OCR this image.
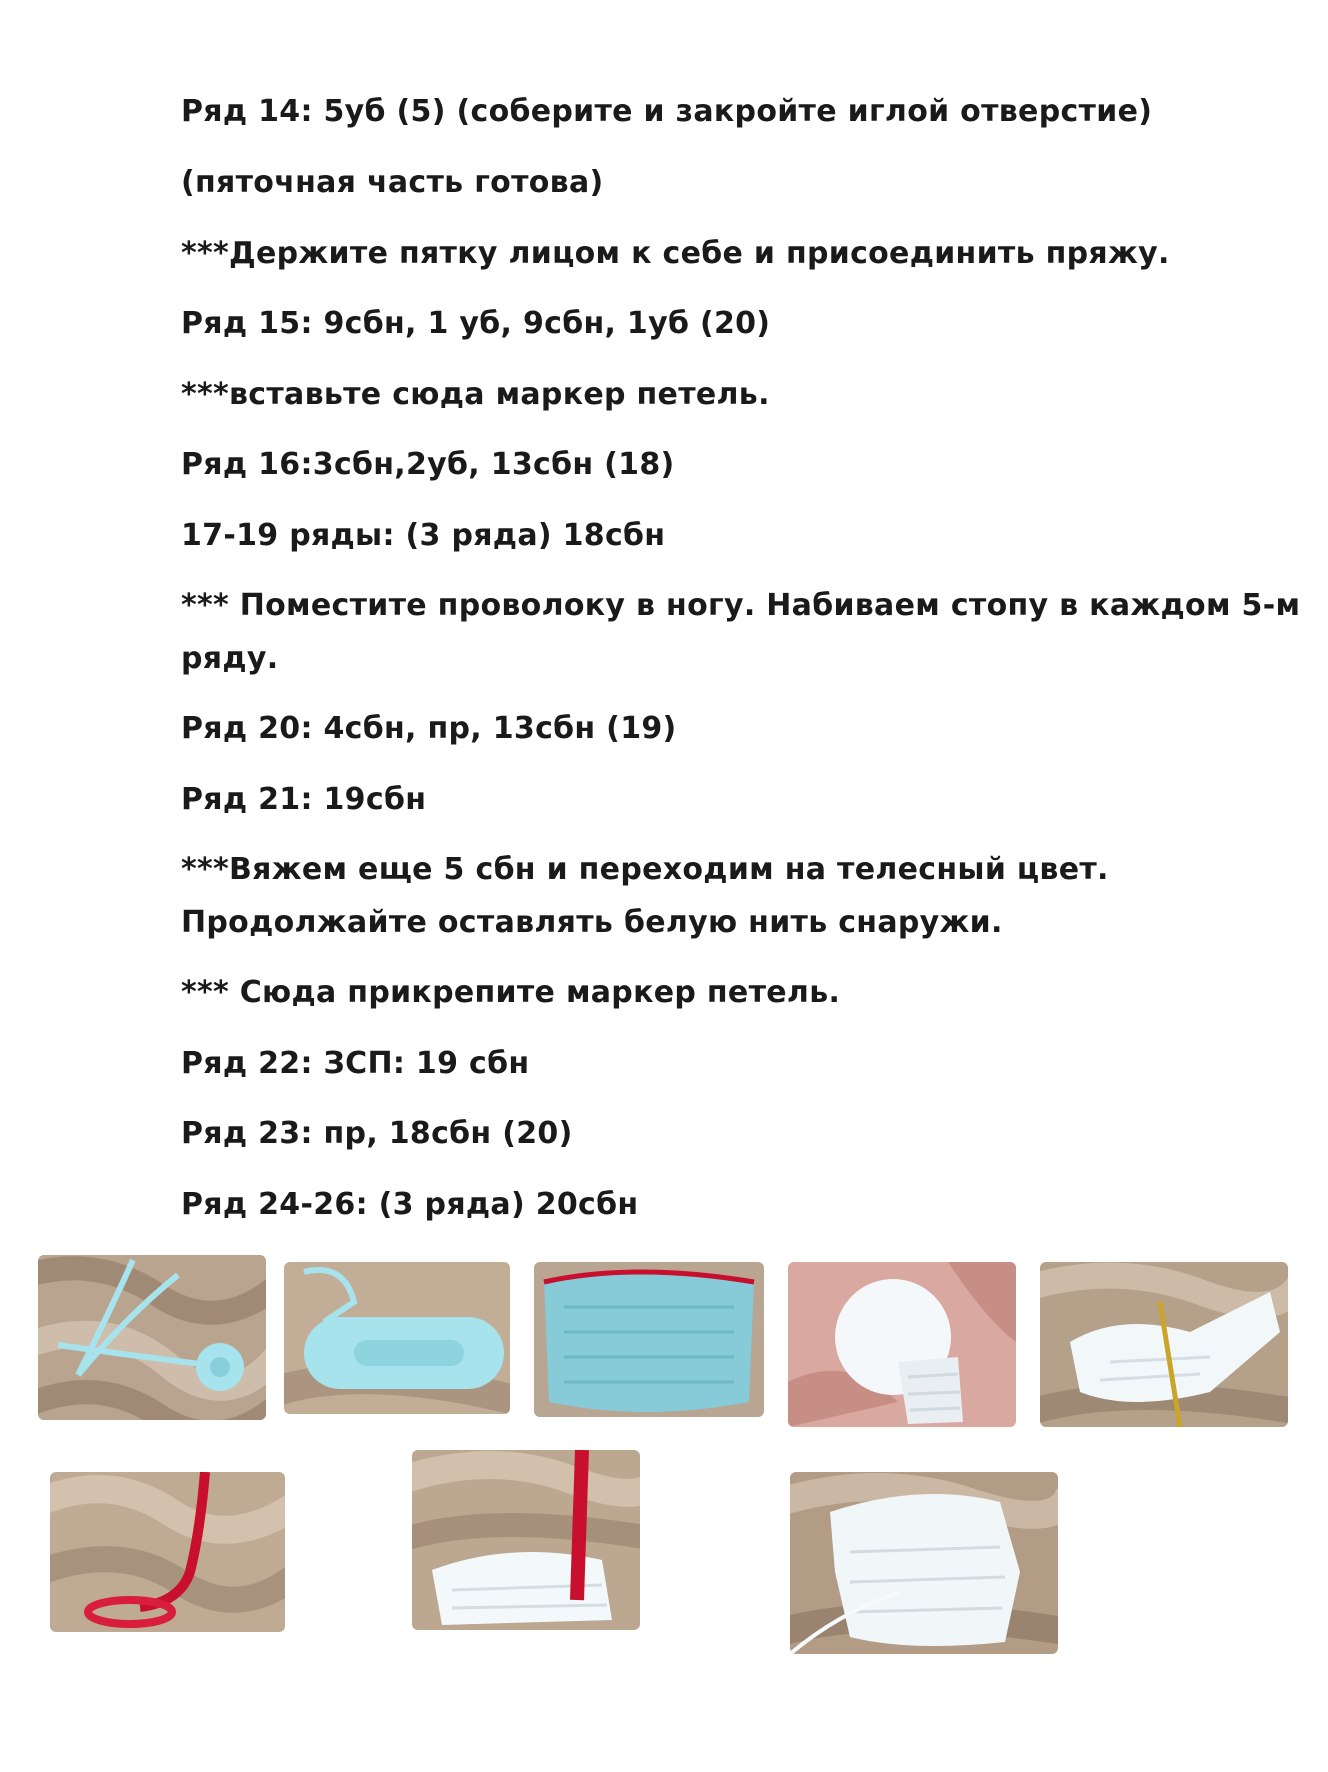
Ряд 14: 5уб (5) (соберите и закройте иглой отверстие)

(пяточная часть готова)

***Держите пятку лицом к себе и присоединить пряжу.

Ряд 15: 9сбн, 1 уб, 9сбн, 1уб (20)

***вставьте сюда маркер петель.

Ряд 16:3сбн,2уб, 13сбн (18)

17-19 ряды: (3 ряда) 18сбн

*** Поместите проволоку в ногу. Набиваем стопу в каждом 5-м

ряду.

Ряд 20: 4сбн, пр, 13сбн (19)

Ряд 21: 19сбн

***Вяжем еще 5 сбн и переходим на телесный цвет.

Продолжайте оставлять белую нить снаружи.

*** Сюда прикрепите маркер петель.

Ряд 22: ЗСП: 19 сбн

Ряд 23: пр, 18сбн (20)

Ряд 24-26: (3 ряда) 20сбн
